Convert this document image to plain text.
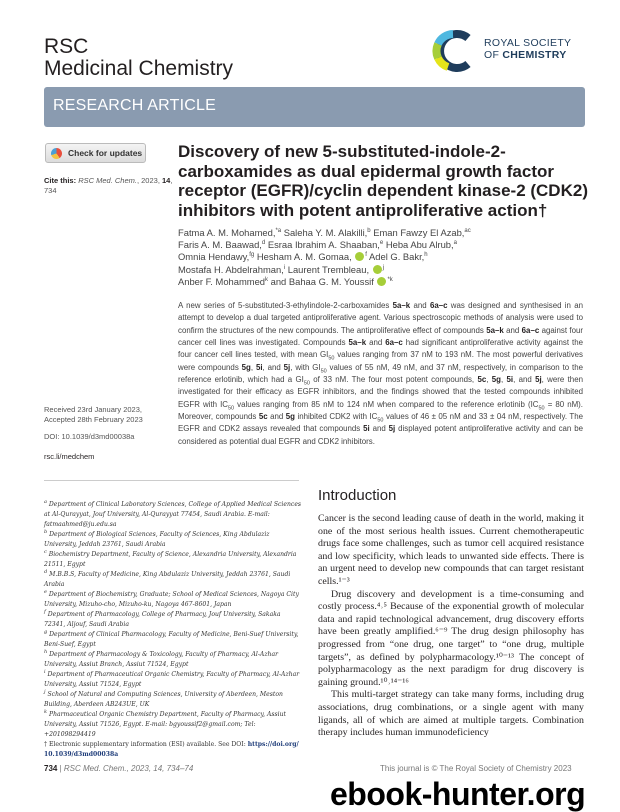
RSC
Medicinal Chemistry
ROYAL SOCIETY
OF CHEMISTRY
RESEARCH ARTICLE
Check for updates
Cite this: RSC Med. Chem., 2023, 14, 734
Received 23rd January 2023,
Accepted 28th February 2023
DOI: 10.1039/d3md00038a
rsc.li/medchem
Discovery of new 5-substituted-indole-2-carboxamides as dual epidermal growth factor receptor (EGFR)/cyclin dependent kinase-2 (CDK2) inhibitors with potent antiproliferative action†
Fatma A. M. Mohamed,$^{*a}$ Saleha Y. M. Alakilli,$^b$ Eman Fawzy El Azab,$^{ac}$
Faris A. M. Baawad,$^d$ Esraa Ibrahim A. Shaaban,$^e$ Heba Abu Alrub,$^a$
Omnia Hendawy,$^{fg}$ Hesham A. M. Gomaa, $^f$ Adel G. Bakr,$^h$
Mostafa H. Abdelrahman,$^i$ Laurent Trembleau, $^j$
Anber F. Mohammed$^k$ and Bahaa G. M. Youssif $^{*k}$
A new series of 5-substituted-3-ethylindole-2-carboxamides 5a–k and 6a–c was designed and synthesised in an attempt to develop a dual targeted antiproliferative agent. Various spectroscopic methods of analysis were used to confirm the structures of the new compounds. The antiproliferative effect of compounds 5a–k and 6a–c against four cancer cell lines was investigated. Compounds 5a–k and 6a–c had significant antiproliferative activity against the four cancer cell lines tested, with mean $GI_{50}$ values ranging from 37 nM to 193 nM. The most powerful derivatives were compounds 5g, 5i, and 5j, with $GI_{50}$ values of 55 nM, 49 nM, and 37 nM, respectively, in comparison to the reference erlotinib, which had a $GI_{50}$ of 33 nM. The four most potent compounds, 5c, 5g, 5i, and 5j, were then investigated for their efficacy as EGFR inhibitors, and the findings showed that the tested compounds inhibited EGFR with $IC_{50}$ values ranging from 85 nM to 124 nM when compared to the reference erlotinib ($IC_{50} = 80$ nM). Moreover, compounds 5c and 5g inhibited CDK2 with $IC_{50}$ values of 46 ± 05 nM and 33 ± 04 nM, respectively. The EGFR and CDK2 assays revealed that compounds 5i and 5j displayed potent antiproliferative activity and can be considered as potential dual EGFR and CDK2 inhibitors.
$^a$ Department of Clinical Laboratory Sciences, College of Applied Medical Sciences at Al-Qurayyat, Jouf University, Al-Qurayyat 77454, Saudi Arabia. E-mail: fatmaahmed@ju.edu.sa
$^b$ Department of Biological Sciences, Faculty of Sciences, King Abdulaziz University, Jeddah 23761, Saudi Arabia
$^c$ Biochemistry Department, Faculty of Science, Alexandria University, Alexandria 21511, Egypt
$^d$ M.B.B.S, Faculty of Medicine, King Abdulaziz University, Jeddah 23761, Saudi Arabia
$^e$ Department of Biochemistry, Graduate; School of Medical Sciences, Nagoya City University, Mizuho-cho, Mizuho-ku, Nagoya 467-8601, Japan
$^f$ Department of Pharmacology, College of Pharmacy, Jouf University, Sakaka 72341, Aljouf, Saudi Arabia
$^g$ Department of Clinical Pharmacology, Faculty of Medicine, Beni-Suef University, Beni-Suef, Egypt
$^h$ Department of Pharmacology & Toxicology, Faculty of Pharmacy, Al-Azhar University, Assiut Branch, Assiut 71524, Egypt
$^i$ Department of Pharmaceutical Organic Chemistry, Faculty of Pharmacy, Al-Azhar University, Assiut 71524, Egypt
$^j$ School of Natural and Computing Sciences, University of Aberdeen, Meston Building, Aberdeen AB243UE, UK
$^k$ Pharmaceutical Organic Chemistry Department, Faculty of Pharmacy, Assiut University, Assiut 71526, Egypt. E-mail: bgyoussif2@gmail.com; Tel: +201098294419
† Electronic supplementary information (ESI) available. See DOI: https://doi.org/10.1039/d3md00038a
Introduction

Cancer is the second leading cause of death in the world, making it one of the most serious health issues. Current chemotherapeutic drugs face some challenges, such as tumor cell acquired resistance and low specificity, which leads to unwanted side effects. There is an urgent need to develop new compounds that can target resistant cells.¹⁻³

Drug discovery and development is a time-consuming and costly process.⁴˒⁵ Because of the exponential growth of molecular data and rapid technological advancement, drug discovery efforts have been greatly amplified.⁶⁻⁹ The drug design philosophy has progressed from “one drug, one target” to “one drug, multiple targets”, as defined by polypharmacology.¹⁰⁻¹³ The concept of polypharmacology as the next paradigm for drug discovery is gaining ground.¹⁰˒¹⁴⁻¹⁶

This multi-target strategy can take many forms, including drug associations, drug combinations, or a single agent with many ligands, all of which are aimed at multiple targets. Combination therapy includes human immunodeficiency

734 | RSC Med. Chem., 2023, 14, 734–74	This journal is © The Royal Society of Chemistry 2023
ebook-hunter.org
